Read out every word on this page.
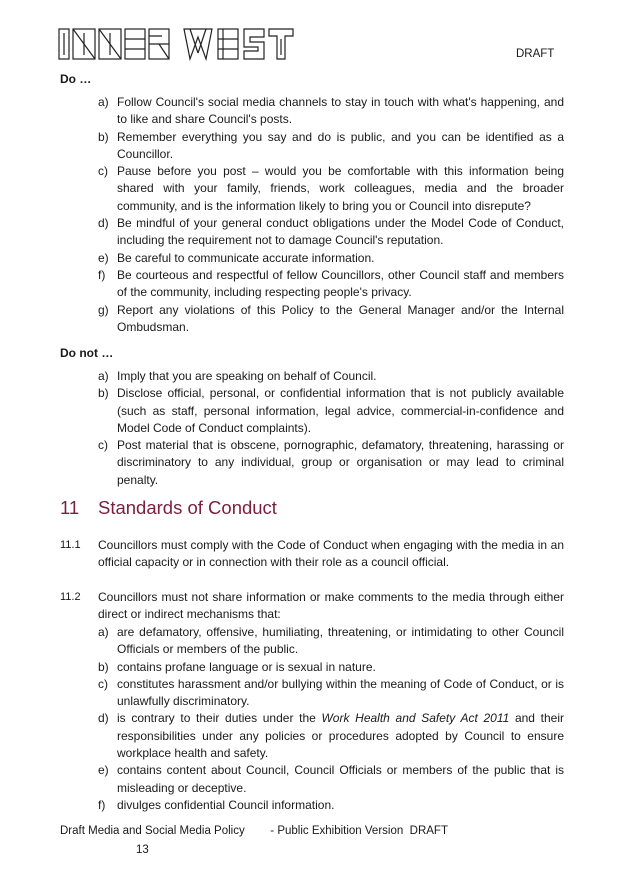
DRAFT
Do …
a) Follow Council's social media channels to stay in touch with what's happening, and to like and share Council's posts.
b) Remember everything you say and do is public, and you can be identified as a Councillor.
c) Pause before you post – would you be comfortable with this information being shared with your family, friends, work colleagues, media and the broader community, and is the information likely to bring you or Council into disrepute?
d) Be mindful of your general conduct obligations under the Model Code of Conduct, including the requirement not to damage Council's reputation.
e) Be careful to communicate accurate information.
f) Be courteous and respectful of fellow Councillors, other Council staff and members of the community, including respecting people's privacy.
g) Report any violations of this Policy to the General Manager and/or the Internal Ombudsman.
Do not …
a) Imply that you are speaking on behalf of Council.
b) Disclose official, personal, or confidential information that is not publicly available (such as staff, personal information, legal advice, commercial-in-confidence and Model Code of Conduct complaints).
c) Post material that is obscene, pornographic, defamatory, threatening, harassing or discriminatory to any individual, group or organisation or may lead to criminal penalty.
11 Standards of Conduct
11.1	Councillors must comply with the Code of Conduct when engaging with the media in an official capacity or in connection with their role as a council official.
11.2	Councillors must not share information or make comments to the media through either direct or indirect mechanisms that:
a) are defamatory, offensive, humiliating, threatening, or intimidating to other Council Officials or members of the public.
b) contains profane language or is sexual in nature.
c) constitutes harassment and/or bullying within the meaning of Code of Conduct, or is unlawfully discriminatory.
d) is contrary to their duties under the Work Health and Safety Act 2011 and their responsibilities under any policies or procedures adopted by Council to ensure workplace health and safety.
e) contains content about Council, Council Officials or members of the public that is misleading or deceptive.
f) divulges confidential Council information.
Draft Media and Social Media Policy - Public Exhibition Version  DRAFT
13
